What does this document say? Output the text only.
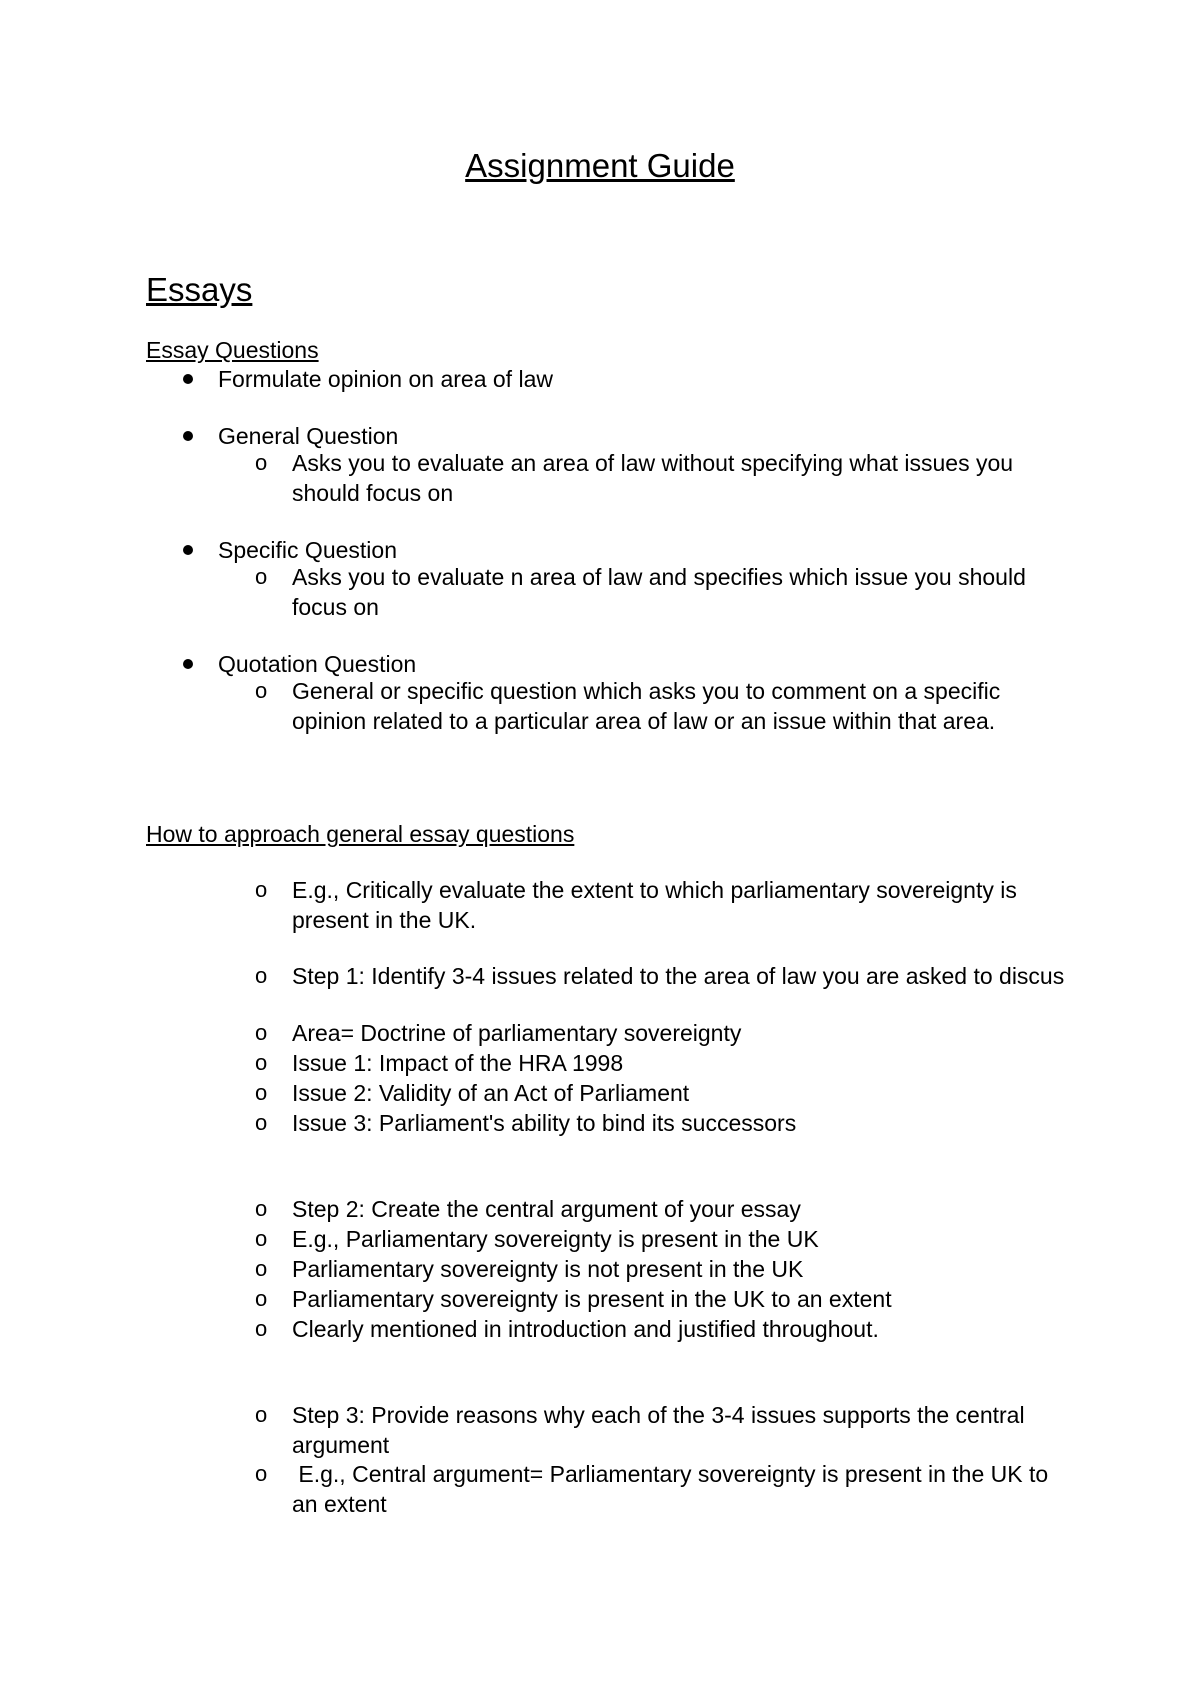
Assignment Guide
Essays
Essay Questions
Formulate opinion on area of law
General Question
o Asks you to evaluate an area of law without specifying what issues you should focus on
Specific Question
o Asks you to evaluate n area of law and specifies which issue you should focus on
Quotation Question
o General or specific question which asks you to comment on a specific opinion related to a particular area of law or an issue within that area.
How to approach general essay questions
o E.g., Critically evaluate the extent to which parliamentary sovereignty is present in the UK.
o Step 1: Identify 3-4 issues related to the area of law you are asked to discus
o Area= Doctrine of parliamentary sovereignty
o Issue 1: Impact of the HRA 1998
o Issue 2: Validity of an Act of Parliament
o Issue 3: Parliament's ability to bind its successors
o Step 2: Create the central argument of your essay
o E.g., Parliamentary sovereignty is present in the UK
o Parliamentary sovereignty is not present in the UK
o Parliamentary sovereignty is present in the UK to an extent
o Clearly mentioned in introduction and justified throughout.
o Step 3: Provide reasons why each of the 3-4 issues supports the central argument
o E.g., Central argument= Parliamentary sovereignty is present in the UK to an extent
